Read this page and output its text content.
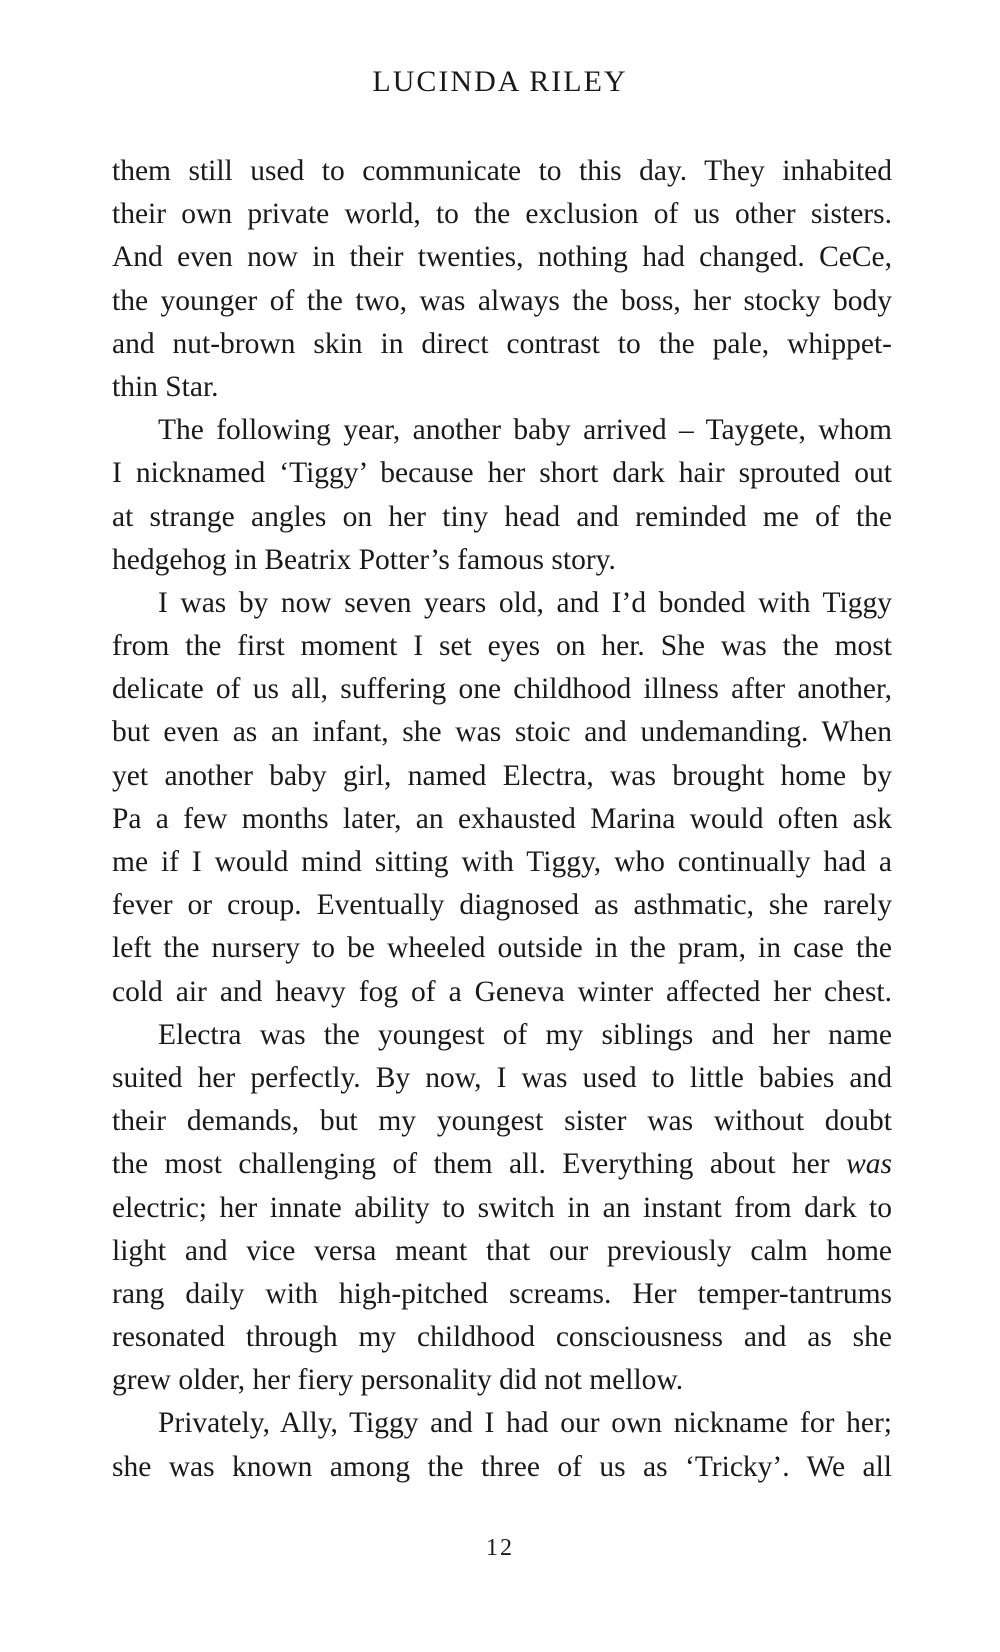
LUCINDA RILEY

them still used to communicate to this day. They inhabited
their own private world, to the exclusion of us other sisters.
And even now in their twenties, nothing had changed. CeCe,
the younger of the two, was always the boss, her stocky body
and nut-brown skin in direct contrast to the pale, whippet-
thin Star.

The following year, another baby arrived – Taygete, whom
I nicknamed ‘Tiggy’ because her short dark hair sprouted out
at strange angles on her tiny head and reminded me of the
hedgehog in Beatrix Potter’s famous story.

I was by now seven years old, and I’d bonded with Tiggy
from the first moment I set eyes on her. She was the most
delicate of us all, suffering one childhood illness after another,
but even as an infant, she was stoic and undemanding. When
yet another baby girl, named Electra, was brought home by
Pa a few months later, an exhausted Marina would often ask
me if I would mind sitting with Tiggy, who continually had a
fever or croup. Eventually diagnosed as asthmatic, she rarely
left the nursery to be wheeled outside in the pram, in case the
cold air and heavy fog of a Geneva winter affected her chest.

Electra was the youngest of my siblings and her name
suited her perfectly. By now, I was used to little babies and
their demands, but my youngest sister was without doubt
the most challenging of them all. Everything about her was
electric; her innate ability to switch in an instant from dark to
light and vice versa meant that our previously calm home
rang daily with high-pitched screams. Her temper-tantrums
resonated through my childhood consciousness and as she
grew older, her fiery personality did not mellow.

Privately, Ally, Tiggy and I had our own nickname for her;
she was known among the three of us as ‘Tricky’. We all

12
